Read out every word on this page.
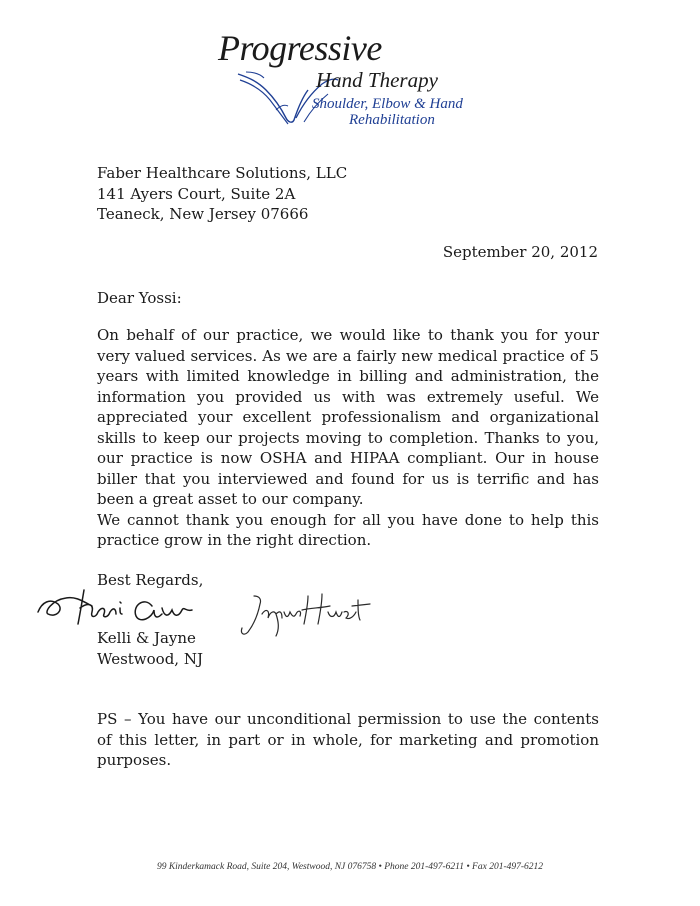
Progressive
Hand Therapy
Shoulder, Elbow & Hand
Rehabilitation
Faber Healthcare Solutions, LLC
141 Ayers Court, Suite 2A
Teaneck, New Jersey 07666
September 20, 2012
Dear Yossi:

On behalf of our practice, we would like to thank you for your very valued services. As we are a fairly new medical practice of 5 years with limited knowledge in billing and administration, the information you provided us with was extremely useful. We appreciated your excellent professionalism and organizational skills to keep our projects moving to completion. Thanks to you, our practice is now OSHA and HIPAA compliant. Our in house biller that you interviewed and found for us is terrific and has been a great asset to our company.

We cannot thank you enough for all you have done to help this practice grow in the right direction.

Best Regards,
Kelli & Jayne
Westwood, NJ
PS – You have our unconditional permission to use the contents of this letter, in part or in whole, for marketing and promotion purposes.
99 Kinderkamack Road, Suite 204, Westwood, NJ 076758 • Phone 201-497-6211 • Fax 201-497-6212
